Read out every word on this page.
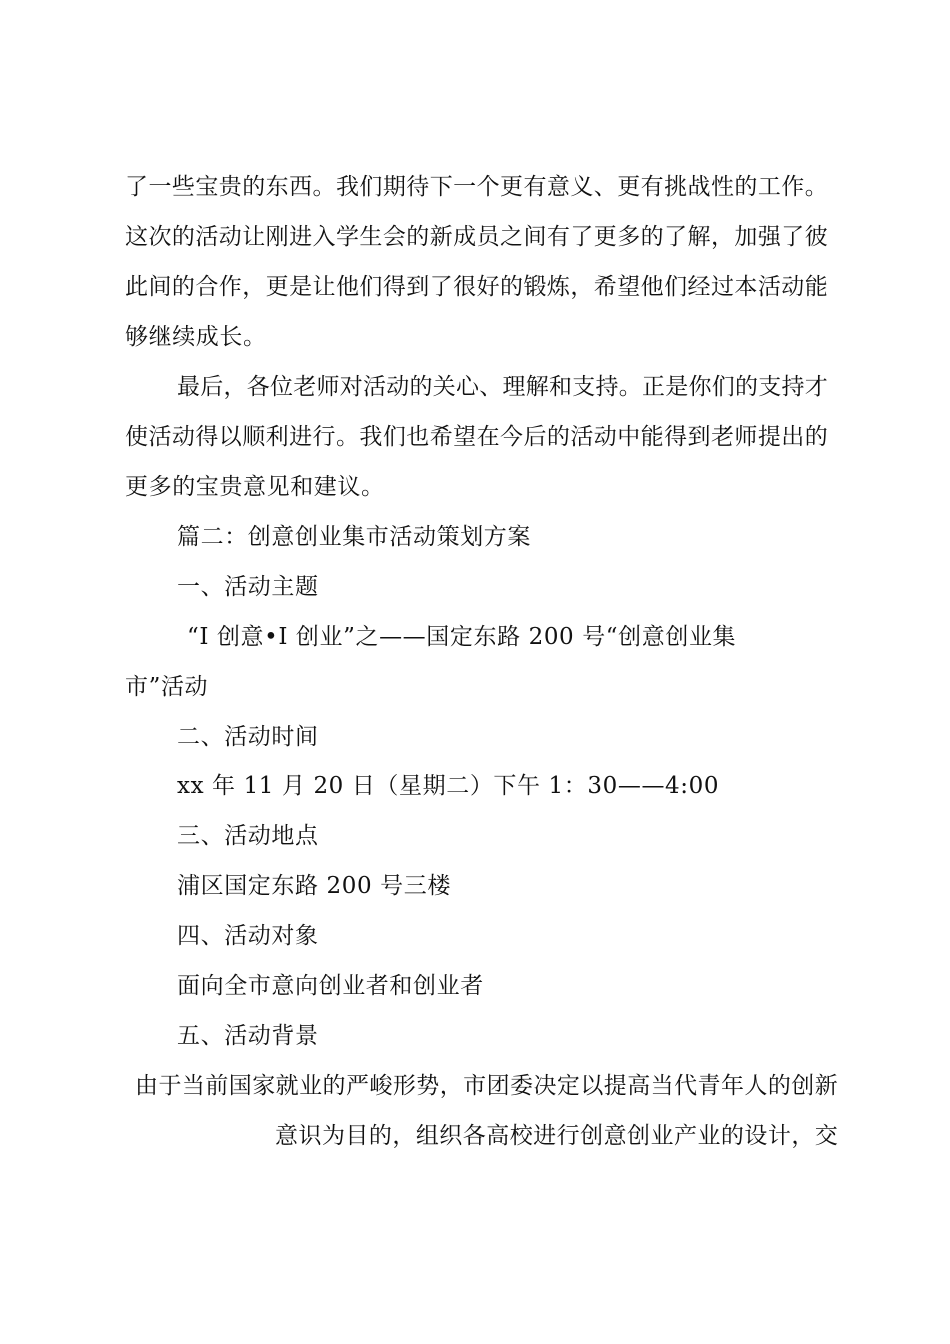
了 一 些 宝 贵 的 东 西 。 我 们 期 待 下 一 个 更 有 意 义 、 更 有 挑 战 性 的 工 作 。
这 次 的 活 动 让 刚 进 入 学 生 会 的 新 成 员 之 间 有 了 更 多 的 了 解 ， 加 强 了 彼
此 间 的 合 作 ， 更 是 让 他 们 得 到 了 很 好 的 锻 炼 ， 希 望 他 们 经 过 本 活 动 能
够继续成长。
最 后 ， 各 位 老 师 对 活 动 的 关 心 、 理 解 和 支 持 。 正 是 你 们 的 支 持 才
使 活 动 得 以 顺 利 进 行 。 我 们 也 希 望 在 今 后 的 活 动 中 能 得 到 老 师 提 出 的
更多的宝贵意见和建议。
篇二：创意创业集市活动策划方案
一、活动主题
“I 创意•I 创业”之——国定东路 200 号“创意创业集
市”活动
二、活动时间
xx 年 11 月 20 日（星期二）下午 1：30——4:00
三、活动地点
浦区国定东路 200 号三楼
四、活动对象
面向全市意向创业者和创业者
五、活动背景
由 于 当 前 国 家 就 业 的 严 峻 形 势 ， 市 团 委 决 定 以 提 高 当 代 青 年 人 的 创 新
意 识 为 目 的 ， 组 织 各 高 校 进 行 创 意 创 业 产 业 的 设 计 ， 交
